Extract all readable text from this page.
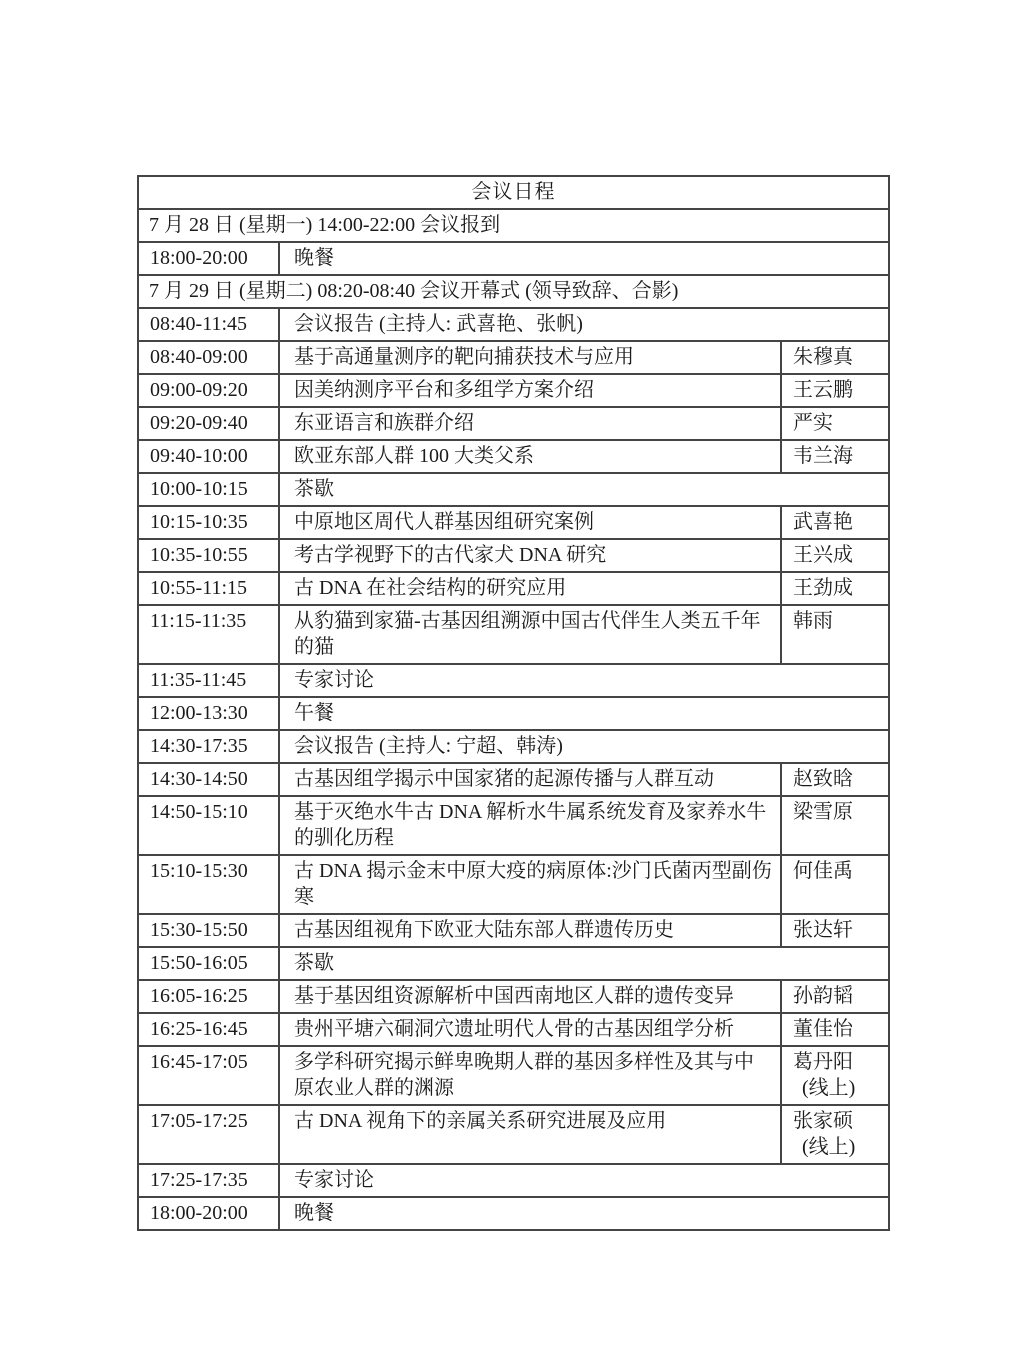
会议日程		
7 月 28 日 (星期一) 14:00-22:00 会议报到		
18:00-20:00	晚餐	
7 月 29 日 (星期二) 08:20-08:40 会议开幕式 (领导致辞、合影)		
08:40-11:45	会议报告 (主持人: 武喜艳、张帆)	
08:40-09:00	基于高通量测序的靶向捕获技术与应用	朱穆真

09:00-09:20	因美纳测序平台和多组学方案介绍	王云鹏

09:20-09:40	东亚语言和族群介绍	严实

09:40-10:00	欧亚东部人群 100 大类父系	韦兰海

10:00-10:15	茶歇	
10:15-10:35	中原地区周代人群基因组研究案例	武喜艳

10:35-10:55	考古学视野下的古代家犬 DNA 研究	王兴成

10:55-11:15	古 DNA 在社会结构的研究应用	王劲成

11:15-11:35	从豹猫到家猫-古基因组溯源中国古代伴生人类五千年的猫	韩雨

11:35-11:45	专家讨论	
12:00-13:30	午餐	
14:30-17:35	会议报告 (主持人: 宁超、韩涛)	
14:30-14:50	古基因组学揭示中国家猪的起源传播与人群互动	赵致晗

14:50-15:10	基于灭绝水牛古 DNA 解析水牛属系统发育及家养水牛的驯化历程	梁雪原

15:10-15:30	古 DNA 揭示金末中原大疫的病原体:沙门氏菌丙型副伤寒	何佳禹

15:30-15:50	古基因组视角下欧亚大陆东部人群遗传历史	张达轩

15:50-16:05	茶歇	
16:05-16:25	基于基因组资源解析中国西南地区人群的遗传变异	孙韵韬

16:25-16:45	贵州平塘六硐洞穴遗址明代人骨的古基因组学分析	董佳怡

16:45-17:05	多学科研究揭示鲜卑晚期人群的基因多样性及其与中原农业人群的渊源	葛丹阳
(线上)

17:05-17:25	古 DNA 视角下的亲属关系研究进展及应用	张家硕
(线上)

17:25-17:35	专家讨论	
18:00-20:00	晚餐	
